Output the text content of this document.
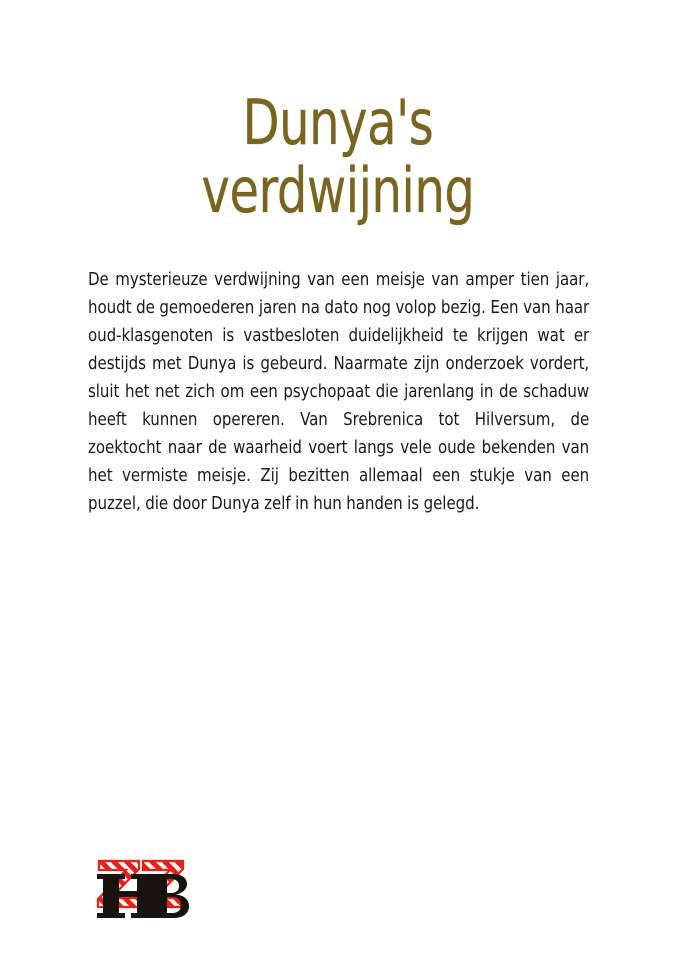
Dunya's
verdwijning

De mysterieuze verdwijning van een meisje van amper tien jaar, houdt de gemoederen jaren na dato nog volop bezig. Een van haar oud-klasgenoten is vastbesloten duidelijkheid te krijgen wat er destijds met Dunya is gebeurd. Naarmate zijn onderzoek vordert, sluit het net zich om een psychopaat die jarenlang in de schaduw heeft kunnen opereren. Van Srebrenica tot Hilversum, de zoektocht naar de waarheid voert langs vele oude bekenden van het vermiste meisje. Zij bezitten allemaal een stukje van een puzzel, die door Dunya zelf in hun handen is gelegd.
